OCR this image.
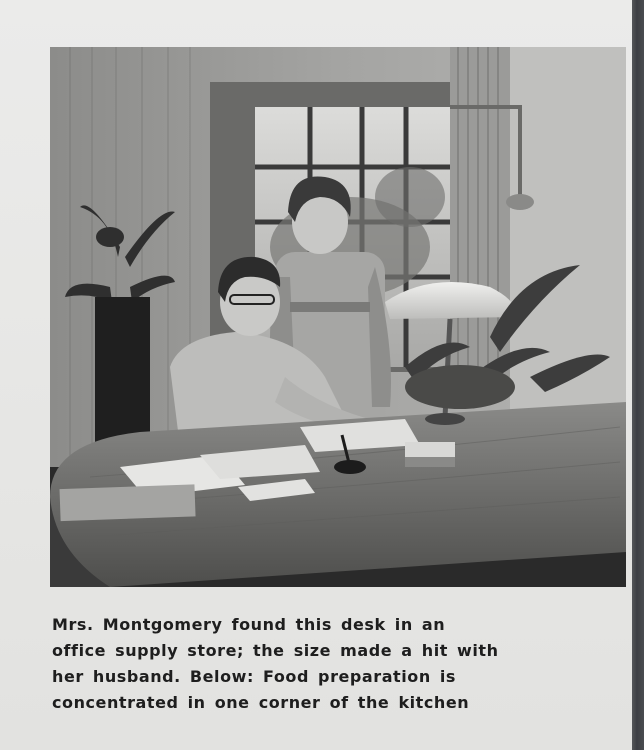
Mrs. Montgomery found this desk in an
office supply store; the size made a hit with
her husband. Below: Food preparation is
concentrated in one corner of the kitchen
